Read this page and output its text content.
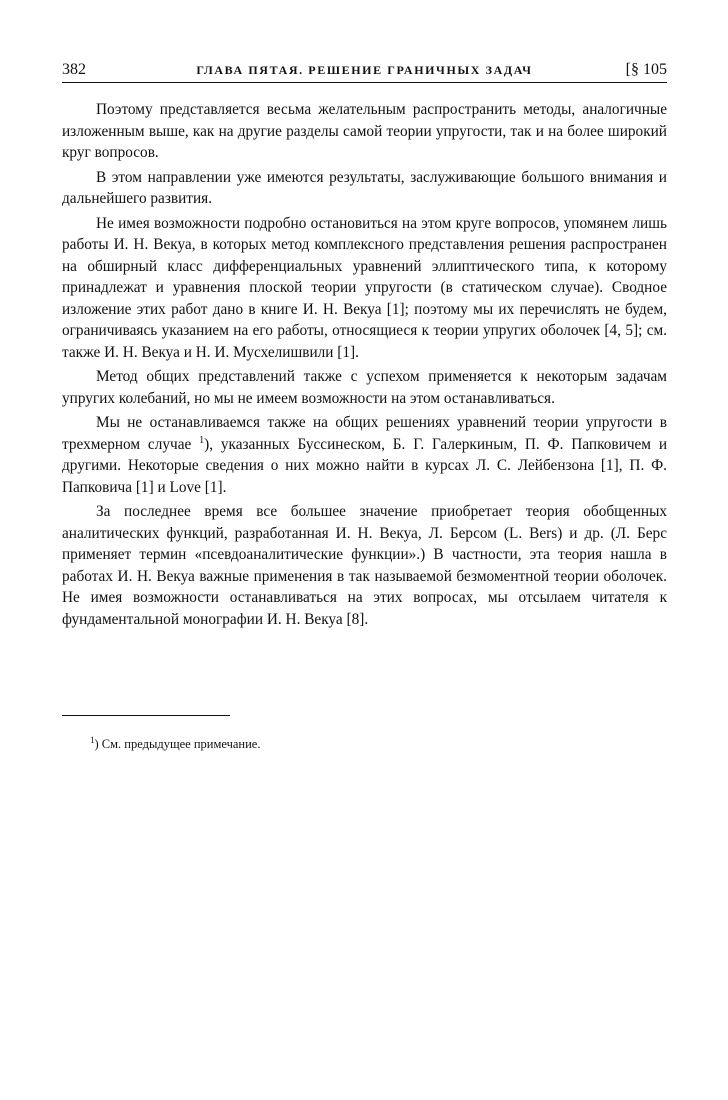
382	ГЛАВА ПЯТАЯ. РЕШЕНИЕ ГРАНИЧНЫХ ЗАДАЧ	[§ 105

Поэтому представляется весьма желательным распространить методы, аналогичные изложенным выше, как на другие разделы самой теории упругости, так и на более широкий круг вопросов.

В этом направлении уже имеются результаты, заслуживающие большого внимания и дальнейшего развития.

Не имея возможности подробно остановиться на этом круге вопросов, упомянем лишь работы И. Н. Векуа, в которых метод комплексного представления решения распространен на обширный класс дифференциальных уравнений эллиптического типа, к которому принадлежат и уравнения плоской теории упругости (в статическом случае). Сводное изложение этих работ дано в книге И. Н. Векуа [1]; поэтому мы их перечислять не будем, ограничиваясь указанием на его работы, относящиеся к теории упругих оболочек [4, 5]; см. также И. Н. Векуа и Н. И. Мусхелишвили [1].

Метод общих представлений также с успехом применяется к некоторым задачам упругих колебаний, но мы не имеем возможности на этом останавливаться.

Мы не останавливаемся также на общих решениях уравнений теории упругости в трехмерном случае $^1$), указанных Буссинеском, Б. Г. Галеркиным, П. Ф. Папковичем и другими. Некоторые сведения о них можно найти в курсах Л. С. Лейбензона [1], П. Ф. Папковича [1] и Love [1].

За последнее время все большее значение приобретает теория обобщенных аналитических функций, разработанная И. Н. Векуа, Л. Берсом (L. Bers) и др. (Л. Берс применяет термин «псевдоаналитические функции».) В частности, эта теория нашла в работах И. Н. Векуа важные применения в так называемой безмоментной теории оболочек. Не имея возможности останавливаться на этих вопросах, мы отсылаем читателя к фундаментальной монографии И. Н. Векуа [8].

$^1$) См. предыдущее примечание.
